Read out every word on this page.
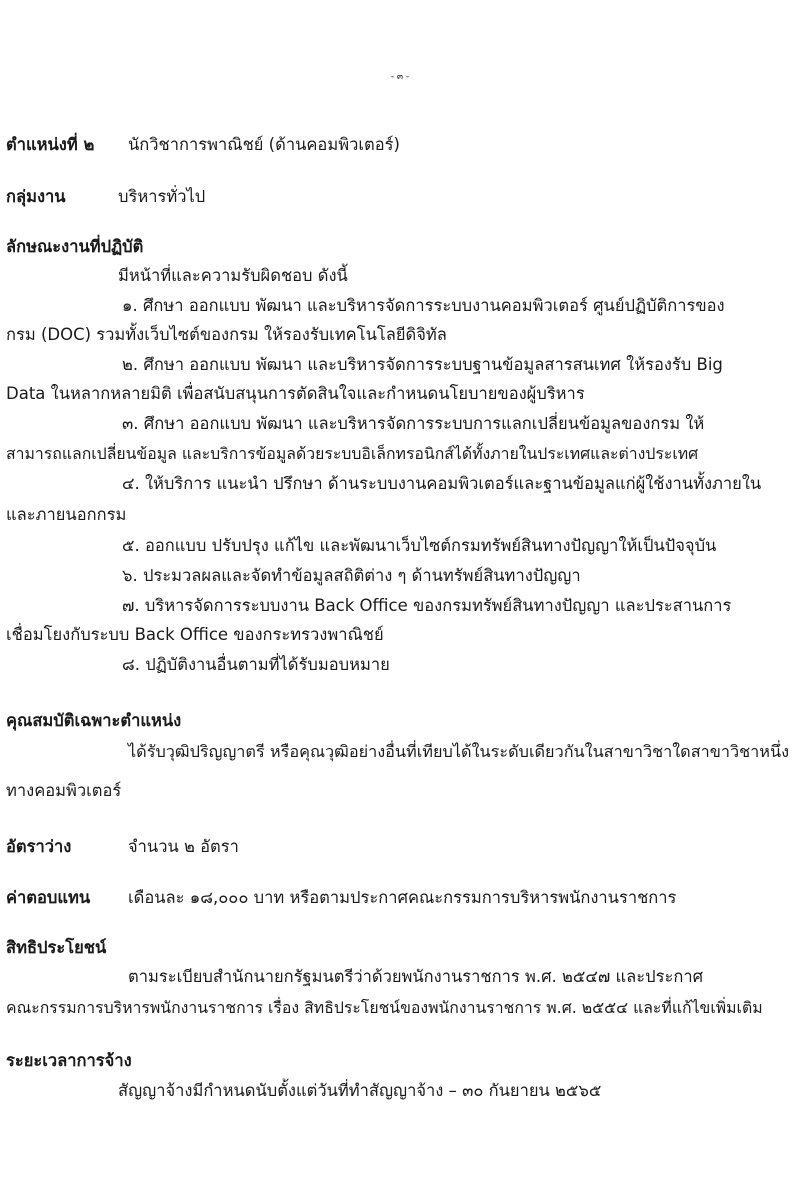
- ๓ -
ตำแหน่งที่ ๒ นักวิชาการพาณิชย์ (ด้านคอมพิวเตอร์)
กลุ่มงาน	บริหารทั่วไป
ลักษณะงานที่ปฏิบัติ
มีหน้าที่และความรับผิดชอบ ดังนี้
๑. ศึกษา ออกแบบ พัฒนา และบริหารจัดการระบบงานคอมพิวเตอร์ ศูนย์ปฏิบัติการของ
กรม (DOC) รวมทั้งเว็บไซต์ของกรม ให้รองรับเทคโนโลยีดิจิทัล
๒. ศึกษา ออกแบบ พัฒนา และบริหารจัดการระบบฐานข้อมูลสารสนเทศ ให้รองรับ Big
Data ในหลากหลายมิติ เพื่อสนับสนุนการตัดสินใจและกำหนดนโยบายของผู้บริหาร
๓. ศึกษา ออกแบบ พัฒนา และบริหารจัดการระบบการแลกเปลี่ยนข้อมูลของกรม ให้
สามารถแลกเปลี่ยนข้อมูล และบริการข้อมูลด้วยระบบอิเล็กทรอนิกส์ได้ทั้งภายในประเทศและต่างประเทศ
๔. ให้บริการ แนะนำ ปรึกษา ด้านระบบงานคอมพิวเตอร์และฐานข้อมูลแก่ผู้ใช้งานทั้งภายใน
และภายนอกกรม
๕. ออกแบบ ปรับปรุง แก้ไข และพัฒนาเว็บไซต์กรมทรัพย์สินทางปัญญาให้เป็นปัจจุบัน
๖. ประมวลผลและจัดทำข้อมูลสถิติต่าง ๆ ด้านทรัพย์สินทางปัญญา
๗. บริหารจัดการระบบงาน Back Office ของกรมทรัพย์สินทางปัญญา และประสานการ
เชื่อมโยงกับระบบ Back Office ของกระทรวงพาณิชย์
๘. ปฏิบัติงานอื่นตามที่ได้รับมอบหมาย
คุณสมบัติเฉพาะตำแหน่ง
ได้รับวุฒิปริญญาตรี หรือคุณวุฒิอย่างอื่นที่เทียบได้ในระดับเดียวกันในสาขาวิชาใดสาขาวิชาหนึ่ง
ทางคอมพิวเตอร์
อัตราว่าง	จำนวน ๒ อัตรา
ค่าตอบแทน เดือนละ ๑๘,๐๐๐ บาท หรือตามประกาศคณะกรรมการบริหารพนักงานราชการ
สิทธิประโยชน์
ตามระเบียบสำนักนายกรัฐมนตรีว่าด้วยพนักงานราชการ พ.ศ. ๒๕๔๗ และประกาศ
คณะกรรมการบริหารพนักงานราชการ เรื่อง สิทธิประโยชน์ของพนักงานราชการ พ.ศ. ๒๕๕๔ และที่แก้ไขเพิ่มเติม
ระยะเวลาการจ้าง
สัญญาจ้างมีกำหนดนับตั้งแต่วันที่ทำสัญญาจ้าง – ๓๐ กันยายน ๒๕๖๕
